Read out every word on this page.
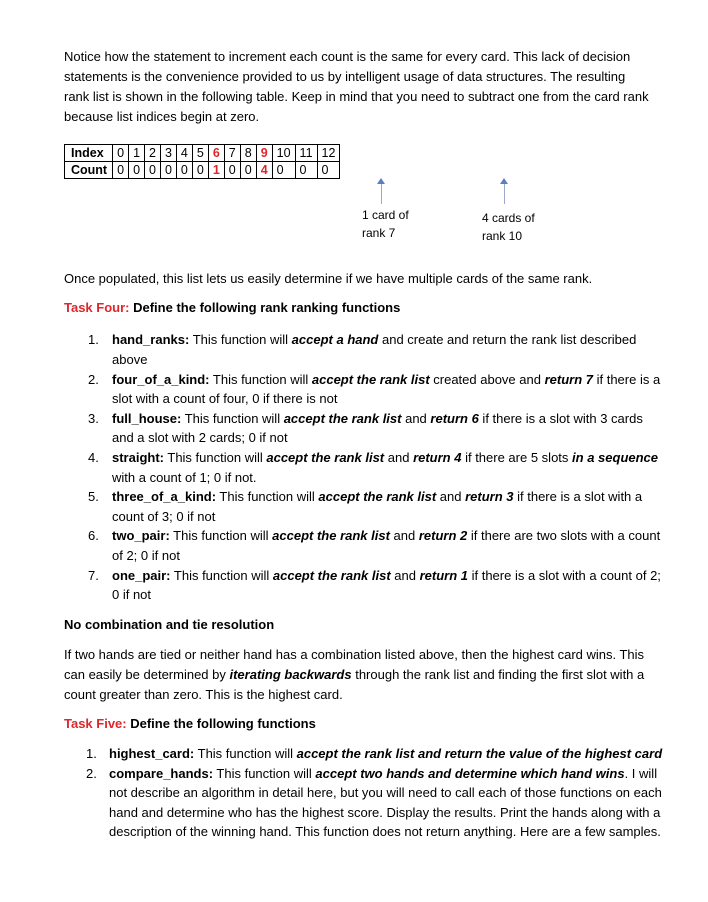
Notice how the statement to increment each count is the same for every card. This lack of decision statements is the convenience provided to us by intelligent usage of data structures. The resulting rank list is shown in the following table. Keep in mind that you need to subtract one from the card rank because list indices begin at zero.

Index	0	1	2	3	4	5	6	7	8	9	10	11	12
Count	0	0	0	0	0	0	1	0	0	4	0	0	0
1 card of
rank 7
4 cards of
rank 10

Once populated, this list lets us easily determine if we have multiple cards of the same rank.

Task Four: Define the following rank ranking functions

1. hand_ranks: This function will accept a hand and create and return the rank list described above
2. four_of_a_kind: This function will accept the rank list created above and return 7 if there is a slot with a count of four, 0 if there is not
3. full_house: This function will accept the rank list and return 6 if there is a slot with 3 cards and a slot with 2 cards; 0 if not
4. straight: This function will accept the rank list and return 4 if there are 5 slots in a sequence with a count of 1; 0 if not.
5. three_of_a_kind: This function will accept the rank list and return 3 if there is a slot with a count of 3; 0 if not
6. two_pair: This function will accept the rank list and return 2 if there are two slots with a count of 2; 0 if not
7. one_pair: This function will accept the rank list and return 1 if there is a slot with a count of 2; 0 if not

No combination and tie resolution

If two hands are tied or neither hand has a combination listed above, then the highest card wins. This can easily be determined by iterating backwards through the rank list and finding the first slot with a count greater than zero. This is the highest card.

Task Five: Define the following functions

1. highest_card: This function will accept the rank list and return the value of the highest card
2. compare_hands: This function will accept two hands and determine which hand wins. I will not describe an algorithm in detail here, but you will need to call each of those functions on each hand and determine who has the highest score. Display the results. Print the hands along with a description of the winning hand. This function does not return anything. Here are a few samples.
